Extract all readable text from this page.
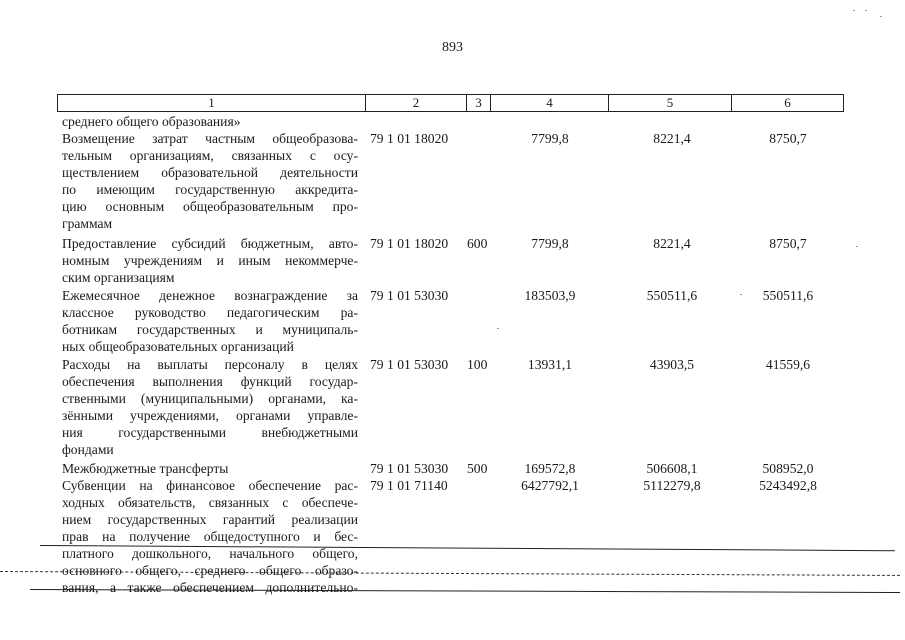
893
1	2	3	4	5	6
среднего общего образования»
Возмещение затрат частным общеобразова-
тельным организациям, связанных с осу-
ществлением образовательной деятельности
по имеющим государственную аккредита-
цию основным общеобразовательным про-
граммам
79 1 01 18020	7799,8	8221,4	8750,7
Предоставление субсидий бюджетным, авто-
номным учреждениям и иным некоммерче-
ским организациям
79 1 01 18020 600	7799,8	8221,4	8750,7
Ежемесячное денежное вознаграждение за
классное руководство педагогическим ра-
ботникам государственных и муниципаль-
ных общеобразовательных организаций
79 1 01 53030	183503,9	550511,6	550511,6
Расходы на выплаты персоналу в целях
обеспечения выполнения функций государ-
ственными (муниципальными) органами, ка-
зёнными учреждениями, органами управле-
ния государственными внебюджетными
фондами
79 1 01 53030 100	13931,1	43903,5	41559,6
Межбюджетные трансферты	79 1 01 53030 500	169572,8	506608,1	508952,0
Субвенции на финансовое обеспечение рас-
ходных обязательств, связанных с обеспече-
нием государственных гарантий реализации
прав на получение общедоступного и бес-
платного дошкольного, начального общего,
основного общего, среднего общего образо-
вания, а также обеспечением дополнительно-
79 1 01 71140	6427792,1	5112279,8	5243492,8
